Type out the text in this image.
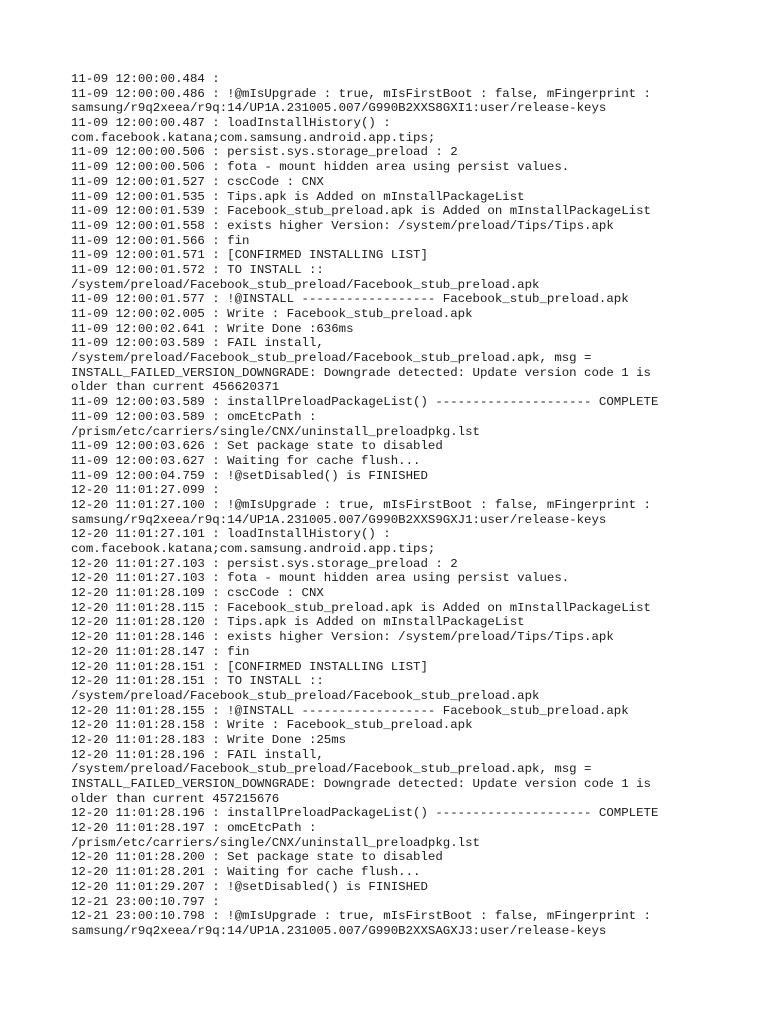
11-09 12:00:00.484 :
11-09 12:00:00.486 : !@mIsUpgrade : true, mIsFirstBoot : false, mFingerprint :
samsung/r9q2xeea/r9q:14/UP1A.231005.007/G990B2XXS8GXI1:user/release-keys
11-09 12:00:00.487 : loadInstallHistory() :
com.facebook.katana;com.samsung.android.app.tips;
11-09 12:00:00.506 : persist.sys.storage_preload : 2
11-09 12:00:00.506 : fota - mount hidden area using persist values.
11-09 12:00:01.527 : cscCode : CNX
11-09 12:00:01.535 : Tips.apk is Added on mInstallPackageList
11-09 12:00:01.539 : Facebook_stub_preload.apk is Added on mInstallPackageList
11-09 12:00:01.558 : exists higher Version: /system/preload/Tips/Tips.apk
11-09 12:00:01.566 : fin
11-09 12:00:01.571 : [CONFIRMED INSTALLING LIST]
11-09 12:00:01.572 : TO INSTALL ::
/system/preload/Facebook_stub_preload/Facebook_stub_preload.apk
11-09 12:00:01.577 : !@INSTALL ------------------ Facebook_stub_preload.apk
11-09 12:00:02.005 : Write : Facebook_stub_preload.apk
11-09 12:00:02.641 : Write Done :636ms
11-09 12:00:03.589 : FAIL install,
/system/preload/Facebook_stub_preload/Facebook_stub_preload.apk, msg =
INSTALL_FAILED_VERSION_DOWNGRADE: Downgrade detected: Update version code 1 is
older than current 456620371
11-09 12:00:03.589 : installPreloadPackageList() --------------------- COMPLETE
11-09 12:00:03.589 : omcEtcPath :
/prism/etc/carriers/single/CNX/uninstall_preloadpkg.lst
11-09 12:00:03.626 : Set package state to disabled
11-09 12:00:03.627 : Waiting for cache flush...
11-09 12:00:04.759 : !@setDisabled() is FINISHED
12-20 11:01:27.099 :
12-20 11:01:27.100 : !@mIsUpgrade : true, mIsFirstBoot : false, mFingerprint :
samsung/r9q2xeea/r9q:14/UP1A.231005.007/G990B2XXS9GXJ1:user/release-keys
12-20 11:01:27.101 : loadInstallHistory() :
com.facebook.katana;com.samsung.android.app.tips;
12-20 11:01:27.103 : persist.sys.storage_preload : 2
12-20 11:01:27.103 : fota - mount hidden area using persist values.
12-20 11:01:28.109 : cscCode : CNX
12-20 11:01:28.115 : Facebook_stub_preload.apk is Added on mInstallPackageList
12-20 11:01:28.120 : Tips.apk is Added on mInstallPackageList
12-20 11:01:28.146 : exists higher Version: /system/preload/Tips/Tips.apk
12-20 11:01:28.147 : fin
12-20 11:01:28.151 : [CONFIRMED INSTALLING LIST]
12-20 11:01:28.151 : TO INSTALL ::
/system/preload/Facebook_stub_preload/Facebook_stub_preload.apk
12-20 11:01:28.155 : !@INSTALL ------------------ Facebook_stub_preload.apk
12-20 11:01:28.158 : Write : Facebook_stub_preload.apk
12-20 11:01:28.183 : Write Done :25ms
12-20 11:01:28.196 : FAIL install,
/system/preload/Facebook_stub_preload/Facebook_stub_preload.apk, msg =
INSTALL_FAILED_VERSION_DOWNGRADE: Downgrade detected: Update version code 1 is
older than current 457215676
12-20 11:01:28.196 : installPreloadPackageList() --------------------- COMPLETE
12-20 11:01:28.197 : omcEtcPath :
/prism/etc/carriers/single/CNX/uninstall_preloadpkg.lst
12-20 11:01:28.200 : Set package state to disabled
12-20 11:01:28.201 : Waiting for cache flush...
12-20 11:01:29.207 : !@setDisabled() is FINISHED
12-21 23:00:10.797 :
12-21 23:00:10.798 : !@mIsUpgrade : true, mIsFirstBoot : false, mFingerprint :
samsung/r9q2xeea/r9q:14/UP1A.231005.007/G990B2XXSAGXJ3:user/release-keys
